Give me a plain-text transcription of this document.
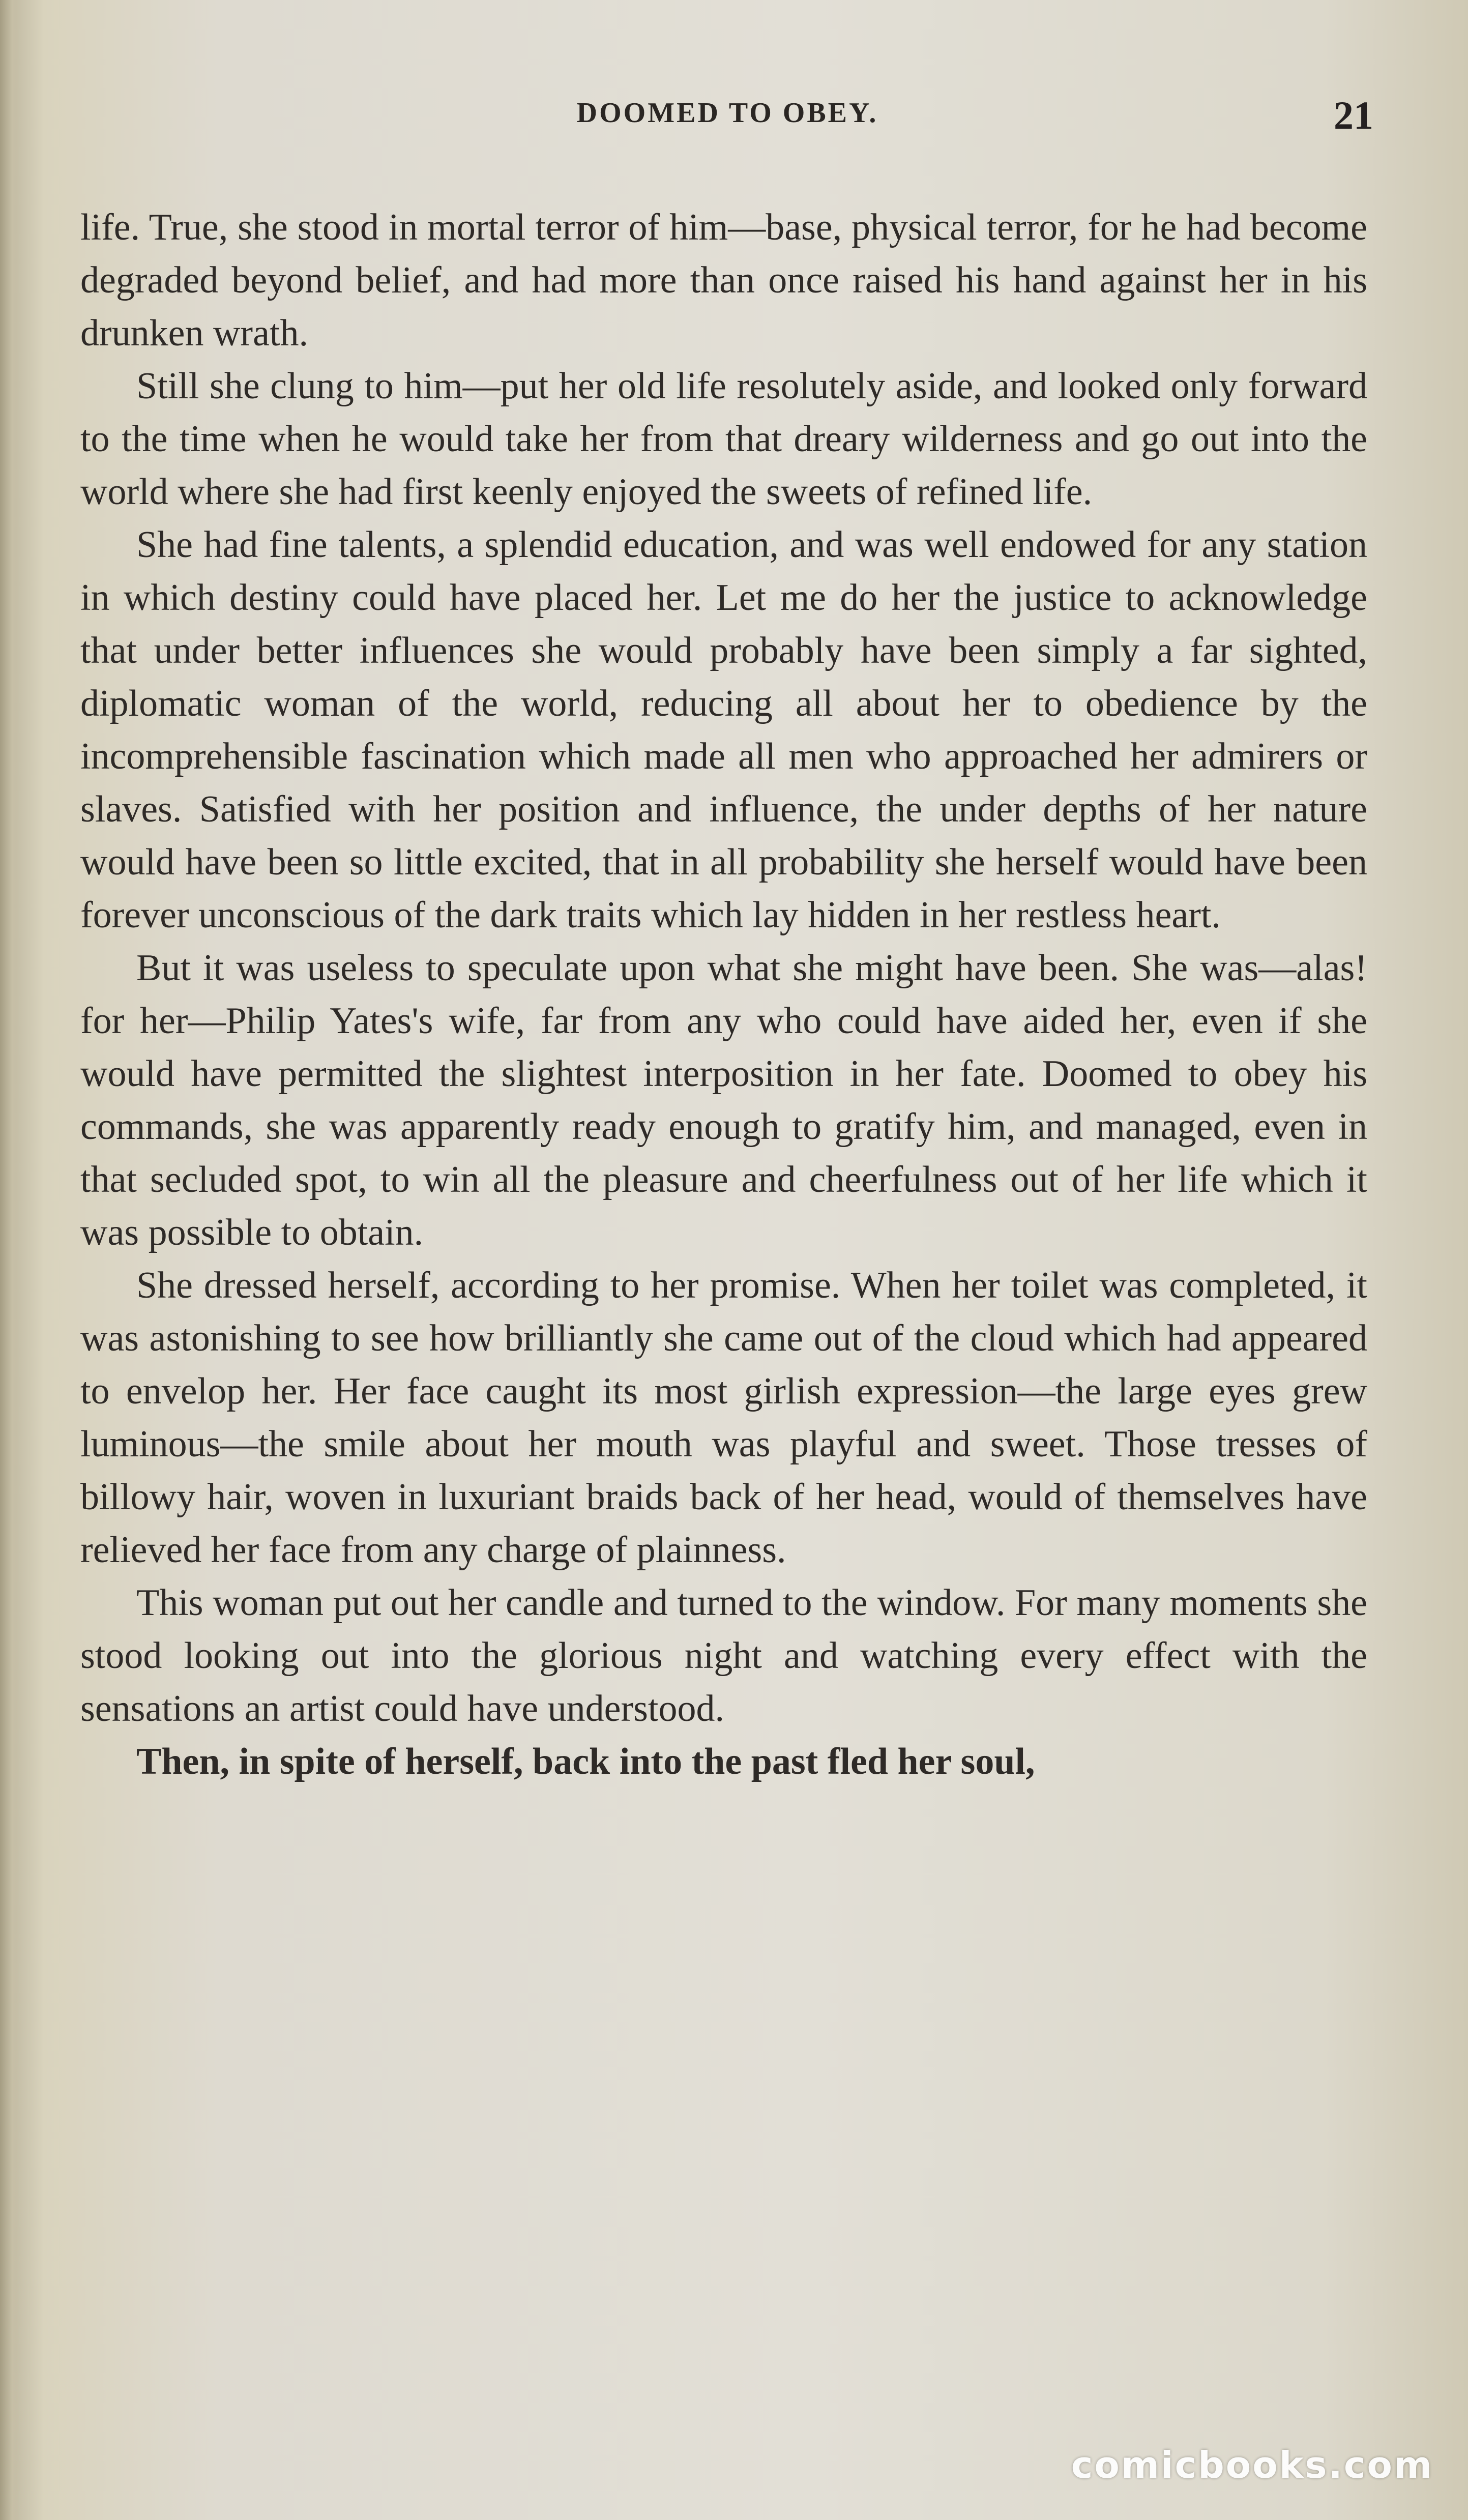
DOOMED TO OBEY.	21

life. True, she stood in mortal terror of him—base, physical terror, for he had become degraded beyond belief, and had more than once raised his hand against her in his drunken wrath.

Still she clung to him—put her old life resolutely aside, and looked only forward to the time when he would take her from that dreary wilderness and go out into the world where she had first keenly enjoyed the sweets of refined life.

She had fine talents, a splendid education, and was well endowed for any station in which destiny could have placed her. Let me do her the justice to acknowledge that under better influences she would probably have been simply a far sighted, diplomatic woman of the world, reducing all about her to obedience by the incomprehensible fascination which made all men who approached her admirers or slaves. Satisfied with her position and influence, the under depths of her nature would have been so little excited, that in all probability she herself would have been forever unconscious of the dark traits which lay hidden in her restless heart.

But it was useless to speculate upon what she might have been. She was—alas! for her—Philip Yates's wife, far from any who could have aided her, even if she would have permitted the slightest interposition in her fate. Doomed to obey his commands, she was apparently ready enough to gratify him, and managed, even in that secluded spot, to win all the pleasure and cheerfulness out of her life which it was possible to obtain.

She dressed herself, according to her promise. When her toilet was completed, it was astonishing to see how brilliantly she came out of the cloud which had appeared to envelop her. Her face caught its most girlish expression—the large eyes grew luminous—the smile about her mouth was playful and sweet. Those tresses of billowy hair, woven in luxuriant braids back of her head, would of themselves have relieved her face from any charge of plainness.

This woman put out her candle and turned to the window. For many moments she stood looking out into the glorious night and watching every effect with the sensations an artist could have understood.

Then, in spite of herself, back into the past fled her soul,

comicbooks.com
